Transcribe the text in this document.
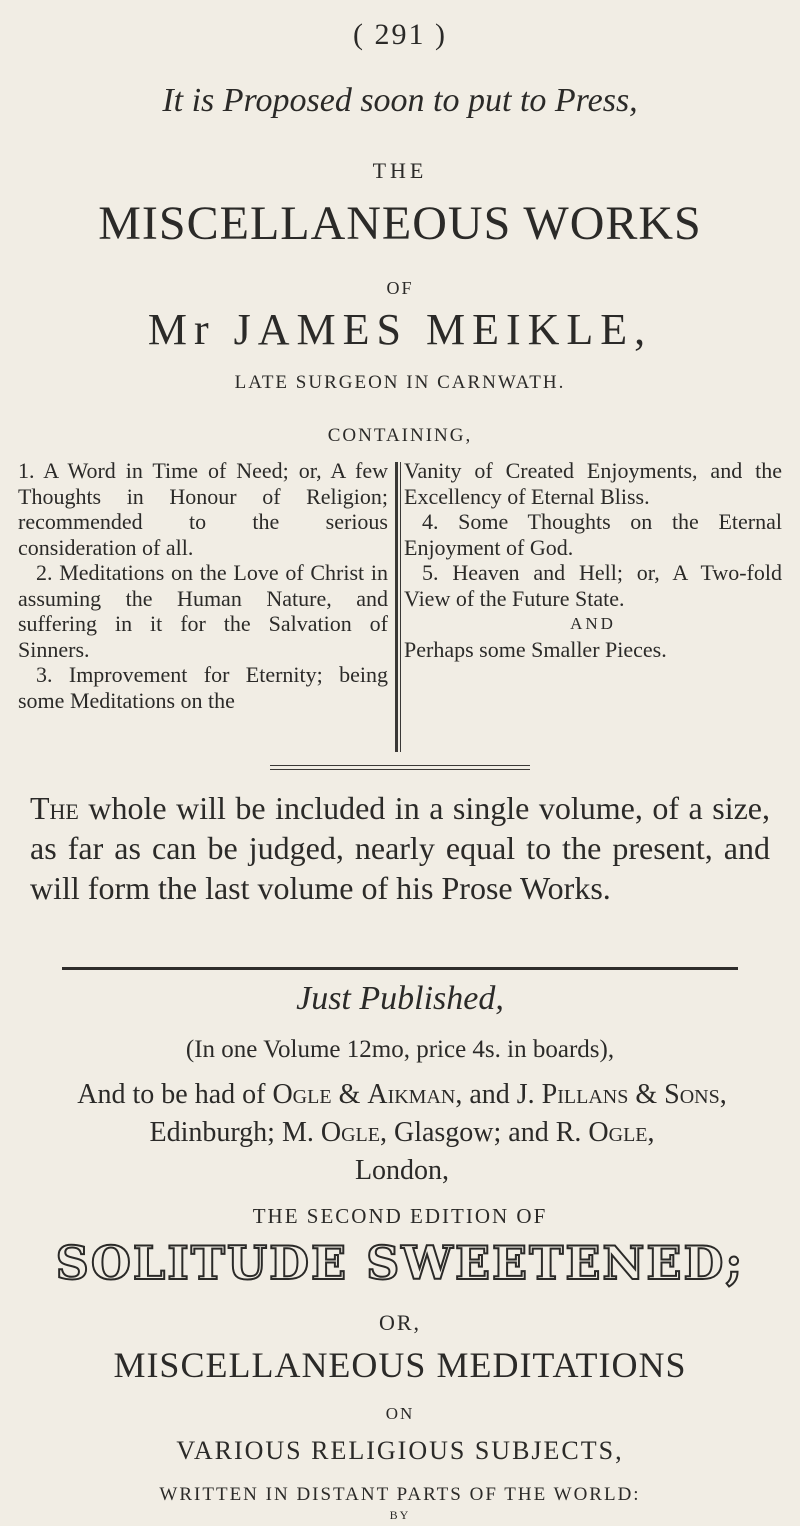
( 291 )
It is Proposed soon to put to Press,
THE
MISCELLANEOUS WORKS
OF
Mr JAMES MEIKLE,
LATE SURGEON IN CARNWATH.
CONTAINING,

1. A Word in Time of Need; or, A few Thoughts in Honour of Religion; recommended to the serious consideration of all.

2. Meditations on the Love of Christ in assuming the Human Nature, and suffering in it for the Salvation of Sinners.

3. Improvement for Eternity; being some Meditations on the

Vanity of Created Enjoyments, and the Excellency of Eternal Bliss.

4. Some Thoughts on the Eternal Enjoyment of God.

5. Heaven and Hell; or, A Two-fold View of the Future State.

AND

Perhaps some Smaller Pieces.

The whole will be included in a single volume, of a size, as far as can be judged, nearly equal to the present, and will form the last volume of his Prose Works.

Just Published,
(In one Volume 12mo, price 4s. in boards),

And to be had of Ogle & Aikman, and J. Pillans & Sons,

Edinburgh; M. Ogle, Glasgow; and R. Ogle,

London,

THE SECOND EDITION OF
SOLITUDE SWEETENED;
OR,
MISCELLANEOUS MEDITATIONS
ON
VARIOUS RELIGIOUS SUBJECTS,
WRITTEN IN DISTANT PARTS OF THE WORLD:
BY
